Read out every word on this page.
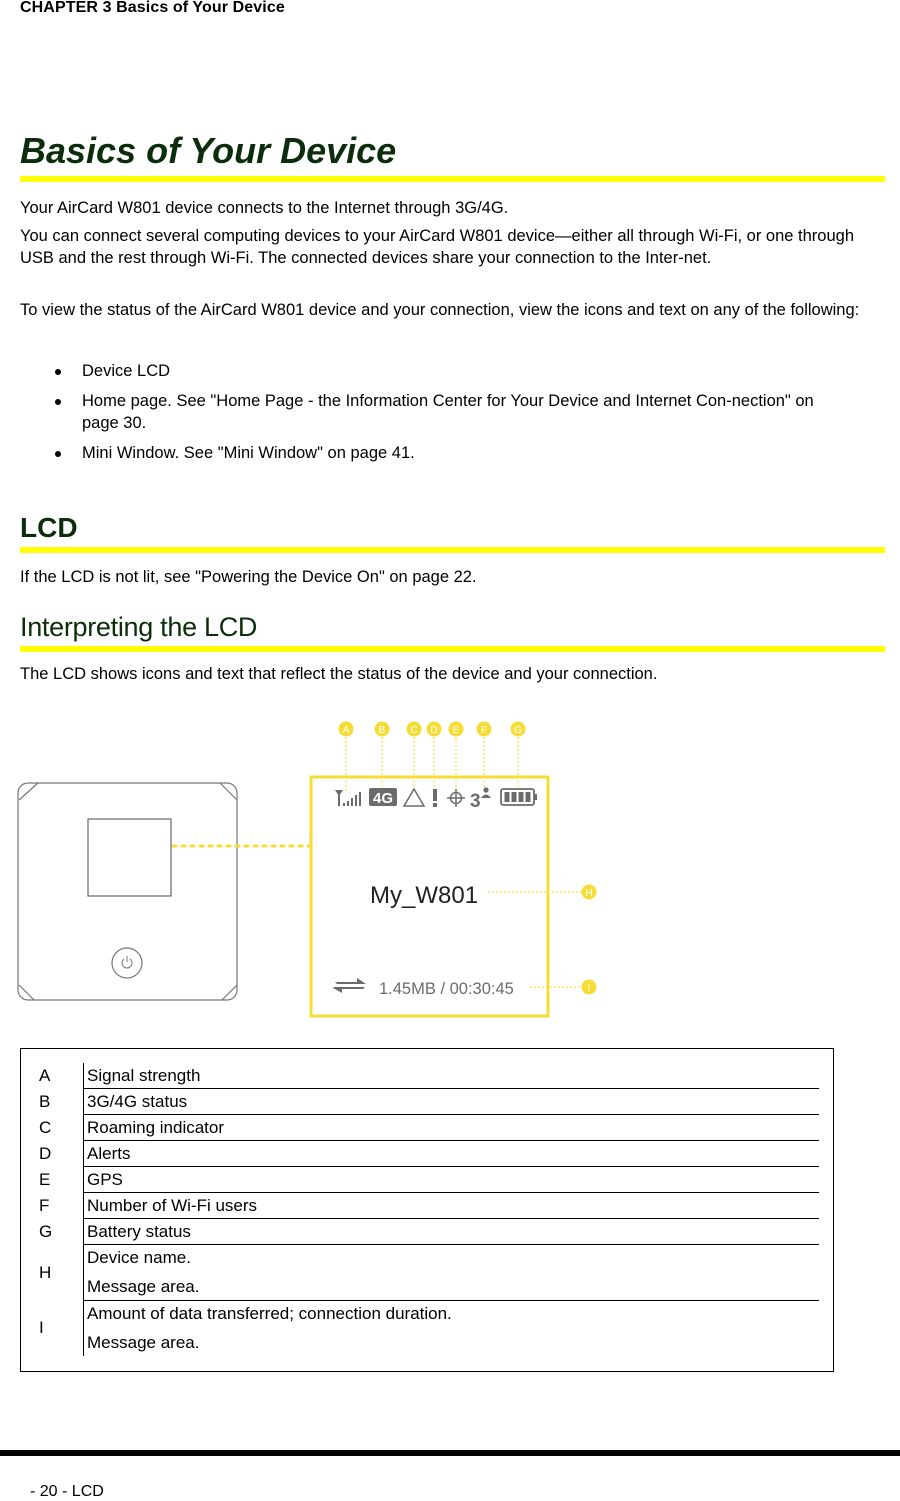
CHAPTER 3 Basics of Your Device
Basics of Your Device

Your AirCard W801 device connects to the Internet through 3G/4G.

You can connect several computing devices to your AirCard W801 device—either all through Wi-Fi, or one through USB and the rest through Wi-Fi. The connected devices share your connection to the Inter-net.

To view the status of the AirCard W801 device and your connection, view the icons and text on any of the following:

Device LCD
Home page. See "Home Page - the Information Center for Your Device and Internet Con-nection" on page 30.
Mini Window. See "Mini Window" on page 41.
LCD

If the LCD is not lit, see "Powering the Device On" on page 22.

Interpreting the LCD

The LCD shows icons and text that reflect the status of the device and your connection.

A	B	C D E F	G
H
I
4G	3
My_W801
1.45MB / 00:30:45
A	Signal strength
B	3G/4G status
C	Roaming indicator
D	Alerts
E	GPS
F	Number of Wi-Fi users
G	Battery status
H	Device name.
Message area.

I	Amount of data transferred; connection duration.
Message area.
- 20 - LCD
